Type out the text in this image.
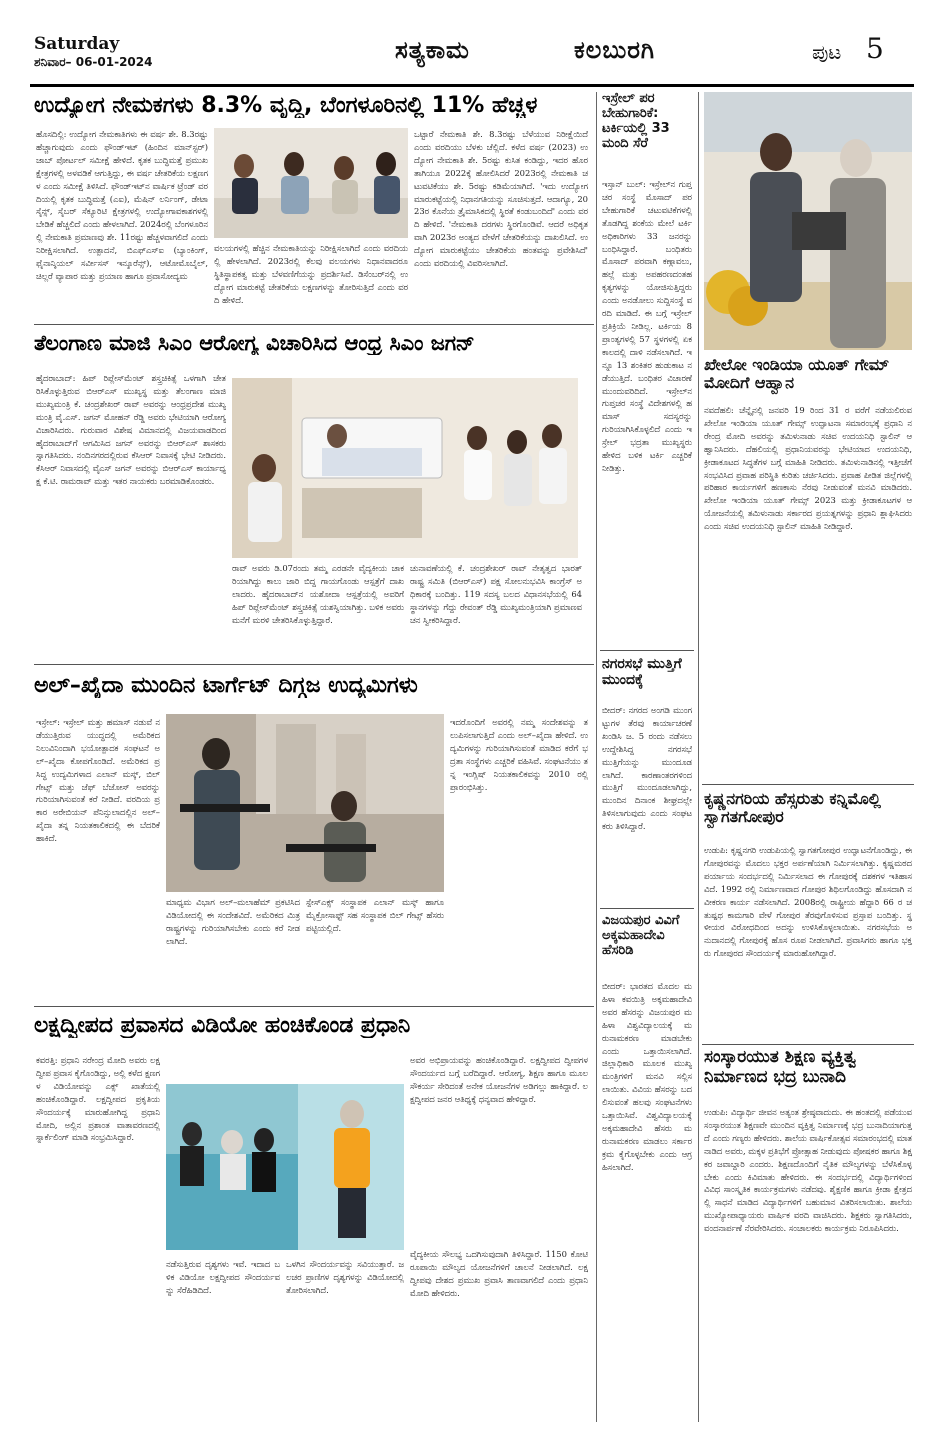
Saturday
ಶನಿವಾರ– 06-01-2024	ಸತ್ಯಕಾಮ	ಕಲಬುರಗಿ	ಪುಟ 5
ಉದ್ಯೋಗ ನೇಮಕಗಳು 8.3% ವೃದ್ಧಿ, ಬೆಂಗಳೂರಿನಲ್ಲಿ 11% ಹೆಚ್ಚಳ
ಹೊಸದಿಲ್ಲಿ: ಉದ್ಯೋಗ ನೇಮಕಾತಿಗಳು ಈ ವರ್ಷ ಶೇ. 8.3ರಷ್ಟು ಹೆಚ್ಚಾಗುವುದು ಎಂದು ಫೌಂಡ್‌ಇಟ್ (ಹಿಂದಿನ ಮಾನ್‌ಸ್ಟರ್) ಜಾಬ್ ಪೋರ್ಟಲ್ ಸಮೀಕ್ಷೆ ಹೇಳಿದೆ. ಕೃತಕ ಬುದ್ಧಿಮತ್ತೆ ಪ್ರಮುಖ ಕ್ಷೇತ್ರಗಳಲ್ಲಿ ಅಳವಡಿಕೆ ಆಗುತ್ತಿದ್ದು, ಈ ವರ್ಷ ಚೇತರಿಕೆಯ ಲಕ್ಷಣಗಳ ಎಂದು ಸಮೀಕ್ಷೆ ತಿಳಿಸಿದೆ. ಫೌಂಡ್‌ಇಟ್‌ನ ವಾರ್ಷಿಕ ಟ್ರೆಂಡ್ ವರದಿಯಲ್ಲಿ ಕೃತಕ ಬುದ್ಧಿಮತ್ತೆ (ಎಐ), ಮೆಷಿನ್ ಲರ್ನಿಂಗ್, ಡೇಟಾ ಸೈನ್ಸ್, ಸೈಬರ್ ಸೆಕ್ಯೂರಿಟಿ ಕ್ಷೇತ್ರಗಳಲ್ಲಿ ಉದ್ಯೋಗಾವಕಾಶಗಳಲ್ಲಿ ಬೇಡಿಕೆ ಹೆಚ್ಚಲಿದೆ ಎಂದು ಹೇಳಲಾಗಿದೆ. 2024ರಲ್ಲಿ ಬೆಂಗಳೂರಿನಲ್ಲಿ ನೇಮಕಾತಿ ಪ್ರಮಾಣವು ಶೇ. 11ರಷ್ಟು ಹೆಚ್ಚಳವಾಗಲಿದೆ ಎಂದು ನಿರೀಕ್ಷಿಸಲಾಗಿದೆ. ಉತ್ಪಾದನೆ, ಬಿಎಫ್‌ಎಸ್‌ಐ (ಬ್ಯಾಂಕಿಂಗ್, ಫೈನಾನ್ಶಿಯಲ್ ಸರ್ವೀಸಸ್ ಇನ್ಶೂರೆನ್ಸ್), ಆಟೋಮೊಬೈಲ್, ಚಿಲ್ಲರೆ ವ್ಯಾಪಾರ ಮತ್ತು ಪ್ರಯಾಣ ಹಾಗೂ ಪ್ರವಾಸೋದ್ಯಮ
ವಲಯಗಳಲ್ಲಿ ಹೆಚ್ಚಿನ ನೇಮಕಾತಿಯನ್ನು ನಿರೀಕ್ಷಿಸಲಾಗಿದೆ ಎಂದು ವರದಿಯಲ್ಲಿ ಹೇಳಲಾಗಿದೆ. 2023ರಲ್ಲಿ ಕೆಲವು ವಲಯಗಳು ನಿಧಾನವಾದರೂ ಸ್ಥಿತಿಸ್ಥಾಪಕತ್ವ ಮತ್ತು ಬೆಳವಣಿಗೆಯನ್ನು ಪ್ರದರ್ಶಿಸಿವೆ. ಡಿಸೆಂಬರ್‌ನಲ್ಲಿ ಉದ್ಯೋಗ ಮಾರುಕಟ್ಟೆ ಚೇತರಿಕೆಯ ಲಕ್ಷಣಗಳನ್ನು ತೋರಿಸುತ್ತಿದೆ ಎಂದು ವರದಿ ಹೇಳಿದೆ.
ಒಟ್ಟಾರೆ ನೇಮಕಾತಿ ಶೇ. 8.3ರಷ್ಟು ಬೆಳೆಯುವ ನಿರೀಕ್ಷೆಯಿದೆ ಎಂದು ವರದಿಯು ಬೆಳಕು ಚೆಲ್ಲಿದೆ. ಕಳೆದ ವರ್ಷ (2023) ಉದ್ಯೋಗ ನೇಮಕಾತಿ ಶೇ. 5ರಷ್ಟು ಕುಸಿತ ಕಂಡಿದ್ದು, ಇದರ ಹೊರತಾಗಿಯೂ 2022ಕ್ಕೆ ಹೋಲಿಸಿದರೆ 2023ರಲ್ಲಿ ನೇಮಕಾತಿ ಚಟುವಟಿಕೆಯು ಶೇ. 5ರಷ್ಟು ಕಡಿಮೆಯಾಗಿದೆ. 'ಇದು ಉದ್ಯೋಗ ಮಾರುಕಟ್ಟೆಯಲ್ಲಿ ನಿಧಾನಗತಿಯನ್ನು ಸೂಚಿಸುತ್ತದೆ. ಆದಾಗ್ಯೂ, 2023ರ ಕೊನೆಯ ತ್ರೈಮಾಸಿಕದಲ್ಲಿ ಸ್ಥಿರತೆ ಕಂಡುಬಂದಿದೆ' ಎಂದು ವರದಿ ಹೇಳಿದೆ. 'ನೇಮಕಾತಿ ದರಗಳು ಸ್ಥಿರಗೊಂಡಿವೆ. ಆದರೆ ಅಧಿಕೃತವಾಗಿ 2023ರ ಅಂತ್ಯದ ವೇಳೆಗೆ ಚೇತರಿಕೆಯನ್ನು ದಾಖಲಿಸಿದೆ. ಉದ್ಯೋಗ ಮಾರುಕಟ್ಟೆಯು ಚೇತರಿಕೆಯ ಹಂತವನ್ನು ಪ್ರವೇಶಿಸಿದೆ' ಎಂದು ವರದಿಯಲ್ಲಿ ವಿವರಿಸಲಾಗಿದೆ.
ತೆಲಂಗಾಣ ಮಾಜಿ ಸಿಎಂ ಆರೋಗ್ಯ ವಿಚಾರಿಸಿದ ಆಂಧ್ರ ಸಿಎಂ ಜಗನ್
ಹೈದರಾಬಾದ್: ಹಿಪ್ ರಿಪ್ಲೇಸ್‌ಮೆಂಟ್ ಶಸ್ತ್ರಚಿಕಿತ್ಸೆ ಒಳಗಾಗಿ ಚೇತರಿಸಿಕೊಳ್ಳುತ್ತಿರುವ ಬಿಆರ್‌ಎಸ್ ಮುಖ್ಯಸ್ಥ ಮತ್ತು ತೆಲಂಗಾಣ ಮಾಜಿ ಮುಖ್ಯಮಂತ್ರಿ ಕೆ. ಚಂದ್ರಶೇಖರ್ ರಾವ್ ಅವರನ್ನು ಆಂಧ್ರಪ್ರದೇಶ ಮುಖ್ಯಮಂತ್ರಿ ವೈ.ಎಸ್. ಜಗನ್ ಮೋಹನ್ ರೆಡ್ಡಿ ಅವರು ಭೇಟಿಯಾಗಿ ಆರೋಗ್ಯ ವಿಚಾರಿಸಿದರು. ಗುರುವಾರ ವಿಶೇಷ ವಿಮಾನದಲ್ಲಿ ವಿಜಯವಾಡದಿಂದ ಹೈದರಾಬಾದ್‌ಗೆ ಆಗಮಿಸಿದ ಜಗನ್ ಅವರನ್ನು ಬಿಆರ್‌ಎಸ್ ಶಾಸಕರು ಸ್ವಾಗತಿಸಿದರು. ನಂದಿನಗರದಲ್ಲಿರುವ ಕೆಸಿಆರ್ ನಿವಾಸಕ್ಕೆ ಭೇಟಿ ನೀಡಿದರು. ಕೆಸಿಆರ್ ನಿವಾಸದಲ್ಲಿ ವೈಎಸ್ ಜಗನ್ ಅವರನ್ನು ಬಿಆರ್‌ಎಸ್ ಕಾರ್ಯಾಧ್ಯಕ್ಷ ಕೆ.ಟಿ. ರಾಮರಾವ್ ಮತ್ತು ಇತರ ನಾಯಕರು ಬರಮಾಡಿಕೊಂಡರು.
ರಾವ್ ಅವರು ಡಿ.07ರಂದು ತಮ್ಮ ಎರಡನೇ ವೈದ್ಯಕೀಯ ಚಾಕರಿಯಾಗಿದ್ದು ಕಾಲು ಜಾರಿ ಬಿದ್ದ ಗಾಯಗೊಂಡು ಆಸ್ಪತ್ರೆಗೆ ದಾಖಲಾದರು. ಹೈದರಾಬಾದ್‌ನ ಯಶೋದಾ ಆಸ್ಪತ್ರೆಯಲ್ಲಿ ಅವರಿಗೆ ಹಿಪ್ ರಿಪ್ಲೇಸ್‌ಮೆಂಟ್ ಶಸ್ತ್ರಚಿಕಿತ್ಸೆ ಯಶಸ್ವಿಯಾಗಿತ್ತು. ಬಳಿಕ ಅವರು ಮನೆಗೆ ಮರಳಿ ಚೇತರಿಸಿಕೊಳ್ಳುತ್ತಿದ್ದಾರೆ.
ಚುನಾವಣೆಯಲ್ಲಿ ಕೆ. ಚಂದ್ರಶೇಖರ್ ರಾವ್ ನೇತೃತ್ವದ ಭಾರತ್ ರಾಷ್ಟ್ರ ಸಮಿತಿ (ಬಿಆರ್‌ಎಸ್) ಪಕ್ಷ ಸೋಲನುಭವಿಸಿ ಕಾಂಗ್ರೆಸ್ ಅಧಿಕಾರಕ್ಕೆ ಬಂದಿತ್ತು. 119 ಸದಸ್ಯ ಬಲದ ವಿಧಾನಸಭೆಯಲ್ಲಿ 64 ಸ್ಥಾನಗಳನ್ನು ಗೆದ್ದು ರೇವಂತ್ ರೆಡ್ಡಿ ಮುಖ್ಯಮಂತ್ರಿಯಾಗಿ ಪ್ರಮಾಣವಚನ ಸ್ವೀಕರಿಸಿದ್ದಾರೆ.
ಅಲ್–ಖೈದಾ ಮುಂದಿನ ಟಾರ್ಗೆಟ್ ದಿಗ್ಗಜ ಉದ್ಯಮಿಗಳು
ಇಸ್ರೇಲ್: ಇಸ್ರೇಲ್ ಮತ್ತು ಹಮಾಸ್ ನಡುವೆ ನಡೆಯುತ್ತಿರುವ ಯುದ್ಧದಲ್ಲಿ ಅಮೆರಿಕದ ನಿಲುವಿನಿಂದಾಗಿ ಭಯೋತ್ಪಾದಕ ಸಂಘಟನೆ ಅಲ್–ಖೈದಾ ಕೋಪಗೊಂಡಿದೆ. ಅಮೆರಿಕದ ಪ್ರಸಿದ್ಧ ಉದ್ಯಮಿಗಳಾದ ಎಲಾನ್ ಮಸ್ಕ್, ಬಿಲ್ ಗೇಟ್ಸ್ ಮತ್ತು ಜೆಫ್ ಬೆಜೋಸ್ ಅವರನ್ನು ಗುರಿಯಾಗಿಸುವಂತೆ ಕರೆ ನೀಡಿದೆ. ವರದಿಯ ಪ್ರಕಾರ ಅರೇಬಿಯನ್ ಪೆನಿನ್ಸುಲಾದಲ್ಲಿನ ಅಲ್–ಖೈದಾ ತನ್ನ ನಿಯತಕಾಲಿಕದಲ್ಲಿ ಈ ಬೆದರಿಕೆ ಹಾಕಿದೆ.
ಮಾಧ್ಯಮ ವಿಭಾಗ ಅಲ್–ಮಲಾಹೆಮ್ ಪ್ರಕಟಿಸಿದ ವಿಡಿಯೋದಲ್ಲಿ ಈ ಸಂದೇಶವಿದೆ. ಅಮೆರಿಕದ ಮಿತ್ರರಾಷ್ಟ್ರಗಳನ್ನು ಗುರಿಯಾಗಿಸಬೇಕು ಎಂದು ಕರೆ ನೀಡಲಾಗಿದೆ.
ಸ್ಪೇಸ್‌ಎಕ್ಸ್ ಸಂಸ್ಥಾಪಕ ಎಲಾನ್ ಮಸ್ಕ್ ಹಾಗೂ ಮೈಕ್ರೋಸಾಫ್ಟ್ ಸಹ ಸಂಸ್ಥಾಪಕ ಬಿಲ್ ಗೇಟ್ಸ್ ಹೆಸರು ಪಟ್ಟಿಯಲ್ಲಿದೆ.
ಇದರೊಂದಿಗೆ ಅವರಲ್ಲಿ ನಮ್ಮ ಸಂದೇಶವನ್ನು ತಲುಪಿಸಲಾಗುತ್ತಿದೆ ಎಂದು ಅಲ್–ಖೈದಾ ಹೇಳಿದೆ. ಉದ್ಯಮಿಗಳನ್ನು ಗುರಿಯಾಗಿಸುವಂತೆ ಮಾಡಿದ ಕರೆಗೆ ಭದ್ರತಾ ಸಂಸ್ಥೆಗಳು ಎಚ್ಚರಿಕೆ ವಹಿಸಿವೆ. ಸಂಘಟನೆಯು ತನ್ನ ಇಂಗ್ಲಿಷ್ ನಿಯತಕಾಲಿಕವನ್ನು 2010 ರಲ್ಲಿ ಪ್ರಾರಂಭಿಸಿತ್ತು.
ಲಕ್ಷದ್ವೀಪದ ಪ್ರವಾಸದ ವಿಡಿಯೋ ಹಂಚಿಕೊಂಡ ಪ್ರಧಾನಿ
ಕವರತ್ತಿ: ಪ್ರಧಾನಿ ನರೇಂದ್ರ ಮೋದಿ ಅವರು ಲಕ್ಷದ್ವೀಪ ಪ್ರವಾಸ ಕೈಗೊಂಡಿದ್ದು, ಅಲ್ಲಿ ಕಳೆದ ಕ್ಷಣಗಳ ವಿಡಿಯೋವನ್ನು ಎಕ್ಸ್ ಖಾತೆಯಲ್ಲಿ ಹಂಚಿಕೊಂಡಿದ್ದಾರೆ. ಲಕ್ಷದ್ವೀಪದ ಪ್ರಕೃತಿಯ ಸೌಂದರ್ಯಕ್ಕೆ ಮಾರುಹೋಗಿದ್ದ ಪ್ರಧಾನಿ ಮೋದಿ, ಅಲ್ಲಿನ ಪ್ರಶಾಂತ ವಾತಾವರಣದಲ್ಲಿ ಸ್ನಾರ್ಕೆಲಿಂಗ್ ಮಾಡಿ ಸಂಭ್ರಮಿಸಿದ್ದಾರೆ.
ನಡೆಸುತ್ತಿರುವ ದೃಶ್ಯಗಳು ಇವೆ. ಇದಾದ ಬಳಿಕ ವಿಡಿಯೋ ಲಕ್ಷದ್ವೀಪದ ಸೌಂದರ್ಯವನ್ನು ಸೆರೆಹಿಡಿದಿದೆ.
ಒಳಗಿನ ಸೌಂದರ್ಯವನ್ನು ಸವಿಯುತ್ತಾರೆ. ಜಲಚರ ಪ್ರಾಣಿಗಳ ದೃಶ್ಯಗಳನ್ನು ವಿಡಿಯೋದಲ್ಲಿ ತೋರಿಸಲಾಗಿದೆ.
ಅವರ ಅಭಿಪ್ರಾಯವನ್ನು ಹಂಚಿಕೊಂಡಿದ್ದಾರೆ. ಲಕ್ಷದ್ವೀಪದ ದ್ವೀಪಗಳ ಸೌಂದರ್ಯದ ಬಗ್ಗೆ ಬರೆದಿದ್ದಾರೆ. ಆರೋಗ್ಯ, ಶಿಕ್ಷಣ ಹಾಗೂ ಮೂಲಸೌಕರ್ಯ ಸೇರಿದಂತೆ ಅನೇಕ ಯೋಜನೆಗಳ ಅಡಿಗಲ್ಲು ಹಾಕಿದ್ದಾರೆ. ಲಕ್ಷದ್ವೀಪದ ಜನರ ಆತಿಥ್ಯಕ್ಕೆ ಧನ್ಯವಾದ ಹೇಳಿದ್ದಾರೆ.
ವೈದ್ಯಕೀಯ ಸೌಲಭ್ಯ ಒದಗಿಸುವುದಾಗಿ ತಿಳಿಸಿದ್ದಾರೆ. 1150 ಕೋಟಿ ರೂಪಾಯಿ ಮೌಲ್ಯದ ಯೋಜನೆಗಳಿಗೆ ಚಾಲನೆ ನೀಡಲಾಗಿದೆ. ಲಕ್ಷದ್ವೀಪವು ದೇಶದ ಪ್ರಮುಖ ಪ್ರವಾಸಿ ತಾಣವಾಗಲಿದೆ ಎಂದು ಪ್ರಧಾನಿ ಮೋದಿ ಹೇಳಿದರು.
ಇಸ್ರೇಲ್ ಪರ ಬೇಹುಗಾರಿಕೆ: ಟರ್ಕಿಯಲ್ಲಿ 33 ಮಂದಿ ಸೆರೆ
ಇಸ್ತಾನ್ ಬುಲ್: ಇಸ್ರೇಲ್‌ನ ಗುಪ್ತಚರ ಸಂಸ್ಥೆ ಮೊಸಾದ್ ಪರ ಬೇಹುಗಾರಿಕೆ ಚಟುವಟಿಕೆಗಳಲ್ಲಿ ತೊಡಗಿದ್ದ ಶಂಕೆಯ ಮೇಲೆ ಟರ್ಕಿ ಅಧಿಕಾರಿಗಳು 33 ಜನರನ್ನು ಬಂಧಿಸಿದ್ದಾರೆ. ಬಂಧಿತರು ಮೊಸಾದ್ ಪರವಾಗಿ ಕಣ್ಗಾವಲು, ಹಲ್ಲೆ ಮತ್ತು ಅಪಹರಣದಂತಹ ಕೃತ್ಯಗಳನ್ನು ಯೋಜಿಸುತ್ತಿದ್ದರು ಎಂದು ಅನಡೋಲು ಸುದ್ದಿಸಂಸ್ಥೆ ವರದಿ ಮಾಡಿದೆ. ಈ ಬಗ್ಗೆ ಇಸ್ರೇಲ್ ಪ್ರತಿಕ್ರಿಯೆ ನೀಡಿಲ್ಲ. ಟರ್ಕಿಯ 8 ಪ್ರಾಂತ್ಯಗಳಲ್ಲಿ 57 ಸ್ಥಳಗಳಲ್ಲಿ ಏಕಕಾಲದಲ್ಲಿ ದಾಳಿ ನಡೆಸಲಾಗಿದೆ. ಇನ್ನೂ 13 ಶಂಕಿತರ ಹುಡುಕಾಟ ನಡೆಯುತ್ತಿದೆ. ಬಂಧಿತರ ವಿಚಾರಣೆ ಮುಂದುವರಿದಿದೆ. ಇಸ್ರೇಲ್‌ನ ಗುಪ್ತಚರ ಸಂಸ್ಥೆ ವಿದೇಶಗಳಲ್ಲಿ ಹಮಾಸ್ ಸದಸ್ಯರನ್ನು ಗುರಿಯಾಗಿಸಿಕೊಳ್ಳಲಿದೆ ಎಂದು ಇಸ್ರೇಲ್ ಭದ್ರತಾ ಮುಖ್ಯಸ್ಥರು ಹೇಳಿದ ಬಳಿಕ ಟರ್ಕಿ ಎಚ್ಚರಿಕೆ ನೀಡಿತ್ತು.
ನಗರಸಭೆ ಮುತ್ತಿಗೆ ಮುಂದಕ್ಕೆ
ಬೀದರ್: ನಗರದ ಅಂಗಡಿ ಮುಂಗಟ್ಟುಗಳ ತೆರವು ಕಾರ್ಯಾಚರಣೆ ಖಂಡಿಸಿ ಜ. 5 ರಂದು ನಡೆಸಲು ಉದ್ದೇಶಿಸಿದ್ದ ನಗರಸಭೆ ಮುತ್ತಿಗೆಯನ್ನು ಮುಂದೂಡಲಾಗಿದೆ. ಕಾರಣಾಂತರಗಳಿಂದ ಮುತ್ತಿಗೆ ಮುಂದೂಡಲಾಗಿದ್ದು, ಮುಂದಿನ ದಿನಾಂಕ ಶೀಘ್ರದಲ್ಲೇ ತಿಳಿಸಲಾಗುವುದು ಎಂದು ಸಂಘಟಕರು ತಿಳಿಸಿದ್ದಾರೆ.
ವಿಜಯಪುರ ವಿವಿಗೆ ಅಕ್ಕಮಹಾದೇವಿ ಹೆಸರಿಡಿ
ಬೀದರ್: ಭಾರತದ ಮೊದಲ ಮಹಿಳಾ ಕವಯಿತ್ರಿ ಅಕ್ಕಮಹಾದೇವಿ ಅವರ ಹೆಸರನ್ನು ವಿಜಯಪುರ ಮಹಿಳಾ ವಿಶ್ವವಿದ್ಯಾಲಯಕ್ಕೆ ಮರುನಾಮಕರಣ ಮಾಡಬೇಕು ಎಂದು ಒತ್ತಾಯಿಸಲಾಗಿದೆ. ಜಿಲ್ಲಾಧಿಕಾರಿ ಮೂಲಕ ಮುಖ್ಯಮಂತ್ರಿಗಳಿಗೆ ಮನವಿ ಸಲ್ಲಿಸಲಾಯಿತು. ವಿವಿಯ ಹೆಸರನ್ನು ಬದಲಿಸುವಂತೆ ಹಲವು ಸಂಘಟನೆಗಳು ಒತ್ತಾಯಿಸಿವೆ. ವಿಶ್ವವಿದ್ಯಾಲಯಕ್ಕೆ ಅಕ್ಕಮಹಾದೇವಿ ಹೆಸರು ಮರುನಾಮಕರಣ ಮಾಡಲು ಸರ್ಕಾರ ಕ್ರಮ ಕೈಗೊಳ್ಳಬೇಕು ಎಂದು ಆಗ್ರಹಿಸಲಾಗಿದೆ.
ಖೇಲೋ ಇಂಡಿಯಾ ಯೂತ್ ಗೇಮ್ ಮೋದಿಗೆ ಆಹ್ವಾನ
ನವದೆಹಲಿ: ಚೆನ್ನೈನಲ್ಲಿ ಜನವರಿ 19 ರಿಂದ 31 ರ ವರೆಗೆ ನಡೆಯಲಿರುವ ಖೇಲೋ ಇಂಡಿಯಾ ಯೂತ್ ಗೇಮ್ಸ್ ಉದ್ಘಾಟನಾ ಸಮಾರಂಭಕ್ಕೆ ಪ್ರಧಾನಿ ನರೇಂದ್ರ ಮೋದಿ ಅವರನ್ನು ತಮಿಳುನಾಡು ಸಚಿವ ಉದಯನಿಧಿ ಸ್ಟಾಲಿನ್ ಆಹ್ವಾನಿಸಿದರು. ದೆಹಲಿಯಲ್ಲಿ ಪ್ರಧಾನಿಯವರನ್ನು ಭೇಟಿಯಾದ ಉದಯನಿಧಿ, ಕ್ರೀಡಾಕೂಟದ ಸಿದ್ಧತೆಗಳ ಬಗ್ಗೆ ಮಾಹಿತಿ ನೀಡಿದರು. ತಮಿಳುನಾಡಿನಲ್ಲಿ ಇತ್ತೀಚೆಗೆ ಸಂಭವಿಸಿದ ಪ್ರವಾಹ ಪರಿಸ್ಥಿತಿ ಕುರಿತು ಚರ್ಚಿಸಿದರು. ಪ್ರವಾಹ ಪೀಡಿತ ಜಿಲ್ಲೆಗಳಲ್ಲಿ ಪರಿಹಾರ ಕಾರ್ಯಗಳಿಗೆ ಹಣಕಾಸು ನೆರವು ನೀಡುವಂತೆ ಮನವಿ ಮಾಡಿದರು. ಖೇಲೋ ಇಂಡಿಯಾ ಯೂತ್ ಗೇಮ್ಸ್ 2023 ಮತ್ತು ಕ್ರೀಡಾಕೂಟಗಳ ಆಯೋಜನೆಯಲ್ಲಿ ತಮಿಳುನಾಡು ಸರ್ಕಾರದ ಪ್ರಯತ್ನಗಳನ್ನು ಪ್ರಧಾನಿ ಶ್ಲಾಘಿಸಿದರು ಎಂದು ಸಚಿವ ಉದಯನಿಧಿ ಸ್ಟಾಲಿನ್ ಮಾಹಿತಿ ನೀಡಿದ್ದಾರೆ.
ಕೃಷ್ಣನಗರಿಯ ಹೆಸ್ಸರುತು ಕನ್ನಿಮೊಲ್ಲಿ ಸ್ವಾಗತಗೋಪುರ
ಉಡುಪಿ: ಕೃಷ್ಣನಗರಿ ಉಡುಪಿಯಲ್ಲಿ ಸ್ವಾಗತಗೋಪುರ ಉದ್ಘಾಟನೆಗೊಂಡಿದ್ದು, ಈ ಗೋಪುರವನ್ನು ಮೊದಲು ಭಕ್ತರ ಅರ್ಪಣೆಯಾಗಿ ನಿರ್ಮಿಸಲಾಗಿತ್ತು. ಕೃಷ್ಣಮಠದ ಪರ್ಯಾಯ ಸಂದರ್ಭದಲ್ಲಿ ನಿರ್ಮಿಸಲಾದ ಈ ಗೋಪುರಕ್ಕೆ ದಶಕಗಳ ಇತಿಹಾಸವಿದೆ. 1992 ರಲ್ಲಿ ನಿರ್ಮಾಣವಾದ ಗೋಪುರ ಶಿಥಿಲಗೊಂಡಿದ್ದು ಹೊಸದಾಗಿ ನವೀಕರಣ ಕಾರ್ಯ ನಡೆಸಲಾಗಿದೆ. 2008ರಲ್ಲಿ ರಾಷ್ಟ್ರೀಯ ಹೆದ್ದಾರಿ 66 ರ ಚತುಷ್ಪಥ ಕಾಮಗಾರಿ ವೇಳೆ ಗೋಪುರ ತೆರವುಗೊಳಿಸುವ ಪ್ರಸ್ತಾಪ ಬಂದಿತ್ತು. ಸ್ಥಳೀಯರ ವಿರೋಧದಿಂದ ಅದನ್ನು ಉಳಿಸಿಕೊಳ್ಳಲಾಯಿತು. ನಗರಸಭೆಯ ಅನುದಾನದಲ್ಲಿ ಗೋಪುರಕ್ಕೆ ಹೊಸ ರೂಪ ನೀಡಲಾಗಿದೆ. ಪ್ರವಾಸಿಗರು ಹಾಗೂ ಭಕ್ತರು ಗೋಪುರದ ಸೌಂದರ್ಯಕ್ಕೆ ಮಾರುಹೋಗಿದ್ದಾರೆ.
ಸಂಸ್ಕಾರಯುತ ಶಿಕ್ಷಣ ವ್ಯಕ್ತಿತ್ವ ನಿರ್ಮಾಣದ ಭದ್ರ ಬುನಾದಿ
ಉಡುಪಿ: ವಿದ್ಯಾರ್ಥಿ ಜೀವನ ಅತ್ಯಂತ ಶ್ರೇಷ್ಠವಾದುದು. ಈ ಹಂತದಲ್ಲಿ ಪಡೆಯುವ ಸಂಸ್ಕಾರಯುತ ಶಿಕ್ಷಣವೇ ಮುಂದಿನ ವ್ಯಕ್ತಿತ್ವ ನಿರ್ಮಾಣಕ್ಕೆ ಭದ್ರ ಬುನಾದಿಯಾಗುತ್ತದೆ ಎಂದು ಗಣ್ಯರು ಹೇಳಿದರು. ಶಾಲೆಯ ವಾರ್ಷಿಕೋತ್ಸವ ಸಮಾರಂಭದಲ್ಲಿ ಮಾತನಾಡಿದ ಅವರು, ಮಕ್ಕಳ ಪ್ರತಿಭೆಗೆ ಪ್ರೋತ್ಸಾಹ ನೀಡುವುದು ಪೋಷಕರ ಹಾಗೂ ಶಿಕ್ಷಕರ ಜವಾಬ್ದಾರಿ ಎಂದರು. ಶಿಕ್ಷಣದೊಂದಿಗೆ ನೈತಿಕ ಮೌಲ್ಯಗಳನ್ನು ಬೆಳೆಸಿಕೊಳ್ಳಬೇಕು ಎಂದು ಕಿವಿಮಾತು ಹೇಳಿದರು. ಈ ಸಂದರ್ಭದಲ್ಲಿ ವಿದ್ಯಾರ್ಥಿಗಳಿಂದ ವಿವಿಧ ಸಾಂಸ್ಕೃತಿಕ ಕಾರ್ಯಕ್ರಮಗಳು ನಡೆದವು. ಶೈಕ್ಷಣಿಕ ಹಾಗೂ ಕ್ರೀಡಾ ಕ್ಷೇತ್ರದಲ್ಲಿ ಸಾಧನೆ ಮಾಡಿದ ವಿದ್ಯಾರ್ಥಿಗಳಿಗೆ ಬಹುಮಾನ ವಿತರಿಸಲಾಯಿತು. ಶಾಲೆಯ ಮುಖ್ಯೋಪಾಧ್ಯಾಯರು ವಾರ್ಷಿಕ ವರದಿ ವಾಚಿಸಿದರು. ಶಿಕ್ಷಕರು ಸ್ವಾಗತಿಸಿದರು, ವಂದನಾರ್ಪಣೆ ನೆರವೇರಿಸಿದರು. ಸಂಚಾಲಕರು ಕಾರ್ಯಕ್ರಮ ನಿರೂಪಿಸಿದರು.
